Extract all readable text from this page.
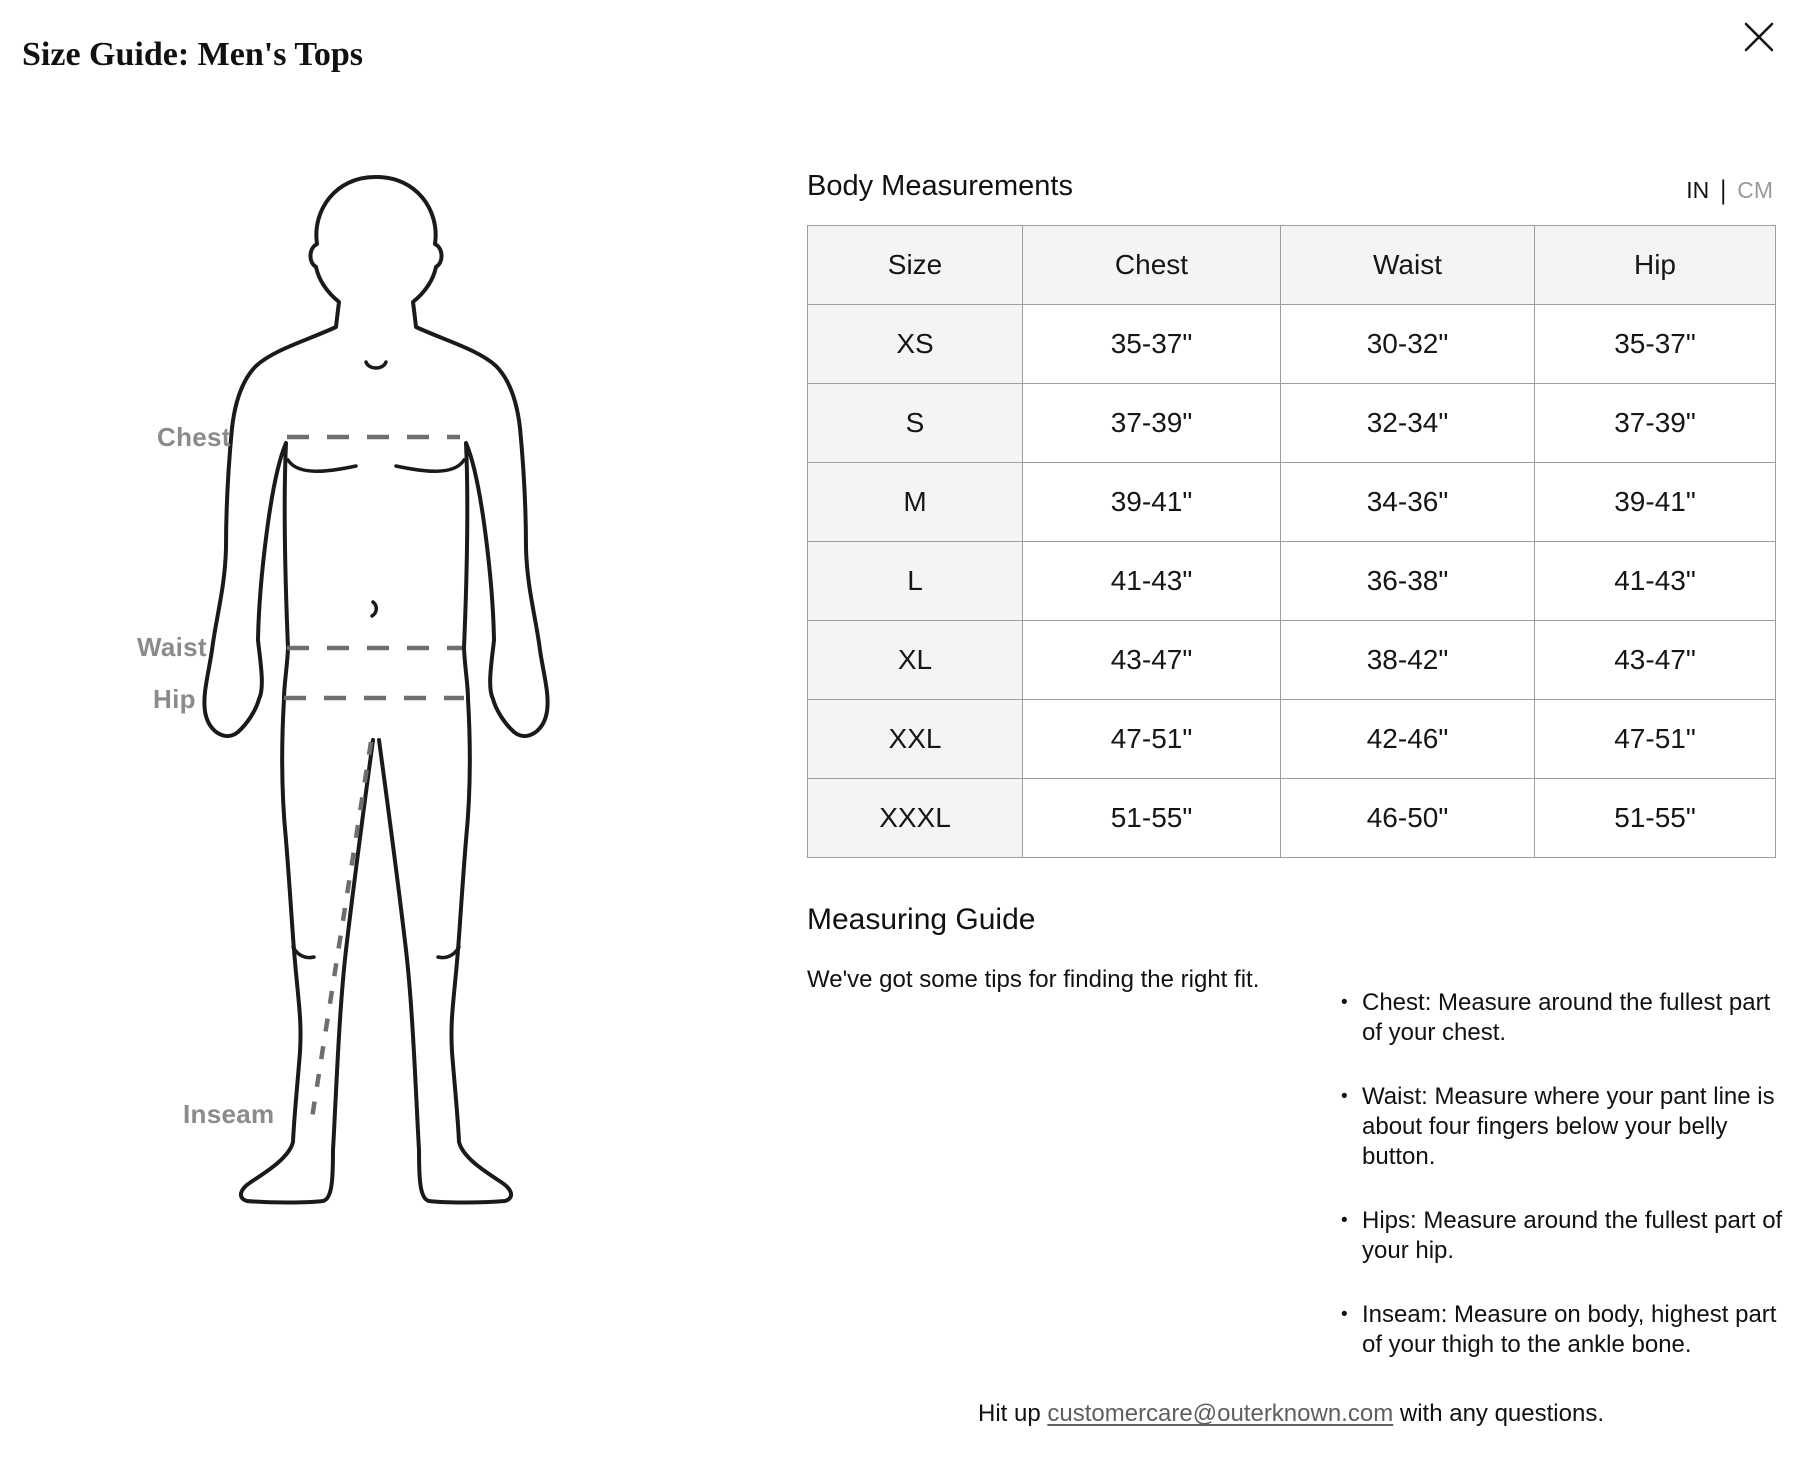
Size Guide: Men's Tops
Chest
Waist
Hip
Inseam
Body Measurements	IN | CM
Size	Chest	Waist	Hip
XS	35-37"	30-32"	35-37"
S	37-39"	32-34"	37-39"
M	39-41"	34-36"	39-41"
L	41-43"	36-38"	41-43"
XL	43-47"	38-42"	43-47"
XXL	47-51"	42-46"	47-51"
XXXL	51-55"	46-50"	51-55"
Measuring Guide

We've got some tips for finding the right fit.

• Chest: Measure around the fullest part of your chest.
• Waist: Measure where your pant line is about four fingers below your belly button.
• Hips: Measure around the fullest part of your hip.
• Inseam: Measure on body, highest part of your thigh to the ankle bone.

Hit up customercare@outerknown.com with any questions.
